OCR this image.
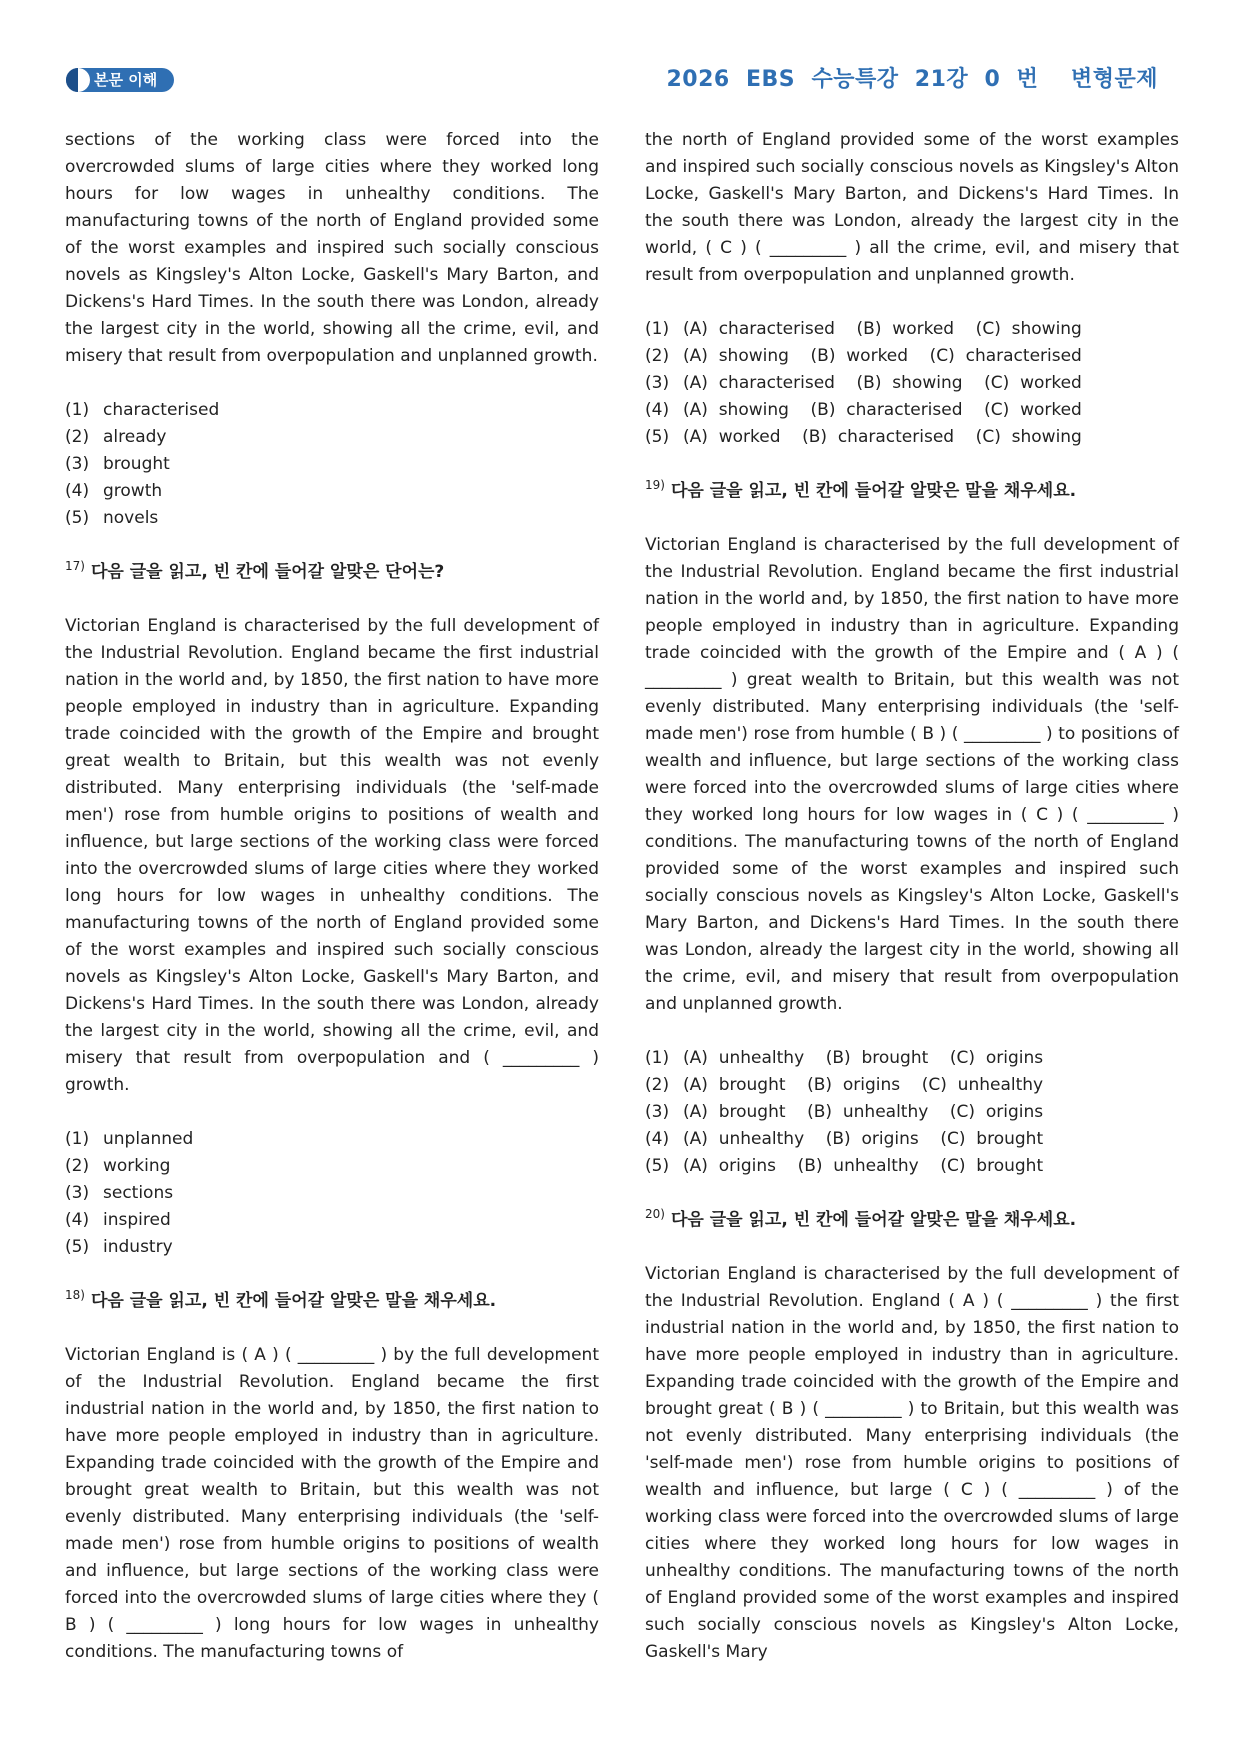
본문 이해	2026  EBS  수능특강  21강  0  번    변형문제

sections of the working class were forced into the overcrowded slums of large cities where they worked long hours for low wages in unhealthy conditions. The manufacturing towns of the north of England provided some of the worst examples and inspired such socially conscious novels as Kingsley's Alton Locke, Gaskell's Mary Barton, and Dickens's Hard Times. In the south there was London, already the largest city in the world, showing all the crime, evil, and misery that result from overpopulation and unplanned growth.

(1) characterised
(2) already
(3) brought
(4) growth
(5) novels

$^{17)}$ 다음 글을 읽고, 빈 칸에 들어갈 알맞은 단어는?

Victorian England is characterised by the full development of the Industrial Revolution. England became the first industrial nation in the world and, by 1850, the first nation to have more people employed in industry than in agriculture. Expanding trade coincided with the growth of the Empire and brought great wealth to Britain, but this wealth was not evenly distributed. Many enterprising individuals (the 'self-made men') rose from humble origins to positions of wealth and influence, but large sections of the working class were forced into the overcrowded slums of large cities where they worked long hours for low wages in unhealthy conditions. The manufacturing towns of the north of England provided some of the worst examples and inspired such socially conscious novels as Kingsley's Alton Locke, Gaskell's Mary Barton, and Dickens's Hard Times. In the south there was London, already the largest city in the world, showing all the crime, evil, and misery that result from overpopulation and ( _________ ) growth.

(1) unplanned
(2) working
(3) sections
(4) inspired
(5) industry

$^{18)}$ 다음 글을 읽고, 빈 칸에 들어갈 알맞은 말을 채우세요.

Victorian England is ( A ) ( _________ ) by the full development of the Industrial Revolution. England became the first industrial nation in the world and, by 1850, the first nation to have more people employed in industry than in agriculture. Expanding trade coincided with the growth of the Empire and brought great wealth to Britain, but this wealth was not evenly distributed. Many enterprising individuals (the 'self-made men') rose from humble origins to positions of wealth and influence, but large sections of the working class were forced into the overcrowded slums of large cities where they ( B ) ( _________ ) long hours for low wages in unhealthy conditions. The manufacturing towns of

the north of England provided some of the worst examples and inspired such socially conscious novels as Kingsley's Alton Locke, Gaskell's Mary Barton, and Dickens's Hard Times. In the south there was London, already the largest city in the world, ( C ) ( _________ ) all the crime, evil, and misery that result from overpopulation and unplanned growth.

(1) (A)  characterised    (B)  worked    (C)  showing
(2) (A)  showing    (B)  worked    (C)  characterised
(3) (A)  characterised    (B)  showing    (C)  worked
(4) (A)  showing    (B)  characterised    (C)  worked
(5) (A)  worked    (B)  characterised    (C)  showing

$^{19)}$ 다음 글을 읽고, 빈 칸에 들어갈 알맞은 말을 채우세요.

Victorian England is characterised by the full development of the Industrial Revolution. England became the first industrial nation in the world and, by 1850, the first nation to have more people employed in industry than in agriculture. Expanding trade coincided with the growth of the Empire and ( A ) ( _________ ) great wealth to Britain, but this wealth was not evenly distributed. Many enterprising individuals (the 'self-made men') rose from humble ( B ) ( _________ ) to positions of wealth and influence, but large sections of the working class were forced into the overcrowded slums of large cities where they worked long hours for low wages in ( C ) ( _________ ) conditions. The manufacturing towns of the north of England provided some of the worst examples and inspired such socially conscious novels as Kingsley's Alton Locke, Gaskell's Mary Barton, and Dickens's Hard Times. In the south there was London, already the largest city in the world, showing all the crime, evil, and misery that result from overpopulation and unplanned growth.

(1) (A)  unhealthy    (B)  brought    (C)  origins
(2) (A)  brought    (B)  origins    (C)  unhealthy
(3) (A)  brought    (B)  unhealthy    (C)  origins
(4) (A)  unhealthy    (B)  origins    (C)  brought
(5) (A)  origins    (B)  unhealthy    (C)  brought

$^{20)}$ 다음 글을 읽고, 빈 칸에 들어갈 알맞은 말을 채우세요.

Victorian England is characterised by the full development of the Industrial Revolution. England ( A ) ( _________ ) the first industrial nation in the world and, by 1850, the first nation to have more people employed in industry than in agriculture. Expanding trade coincided with the growth of the Empire and brought great ( B ) ( _________ ) to Britain, but this wealth was not evenly distributed. Many enterprising individuals (the 'self-made men') rose from humble origins to positions of wealth and influence, but large ( C ) ( _________ ) of the working class were forced into the overcrowded slums of large cities where they worked long hours for low wages in unhealthy conditions. The manufacturing towns of the north of England provided some of the worst examples and inspired such socially conscious novels as Kingsley's Alton Locke, Gaskell's Mary
